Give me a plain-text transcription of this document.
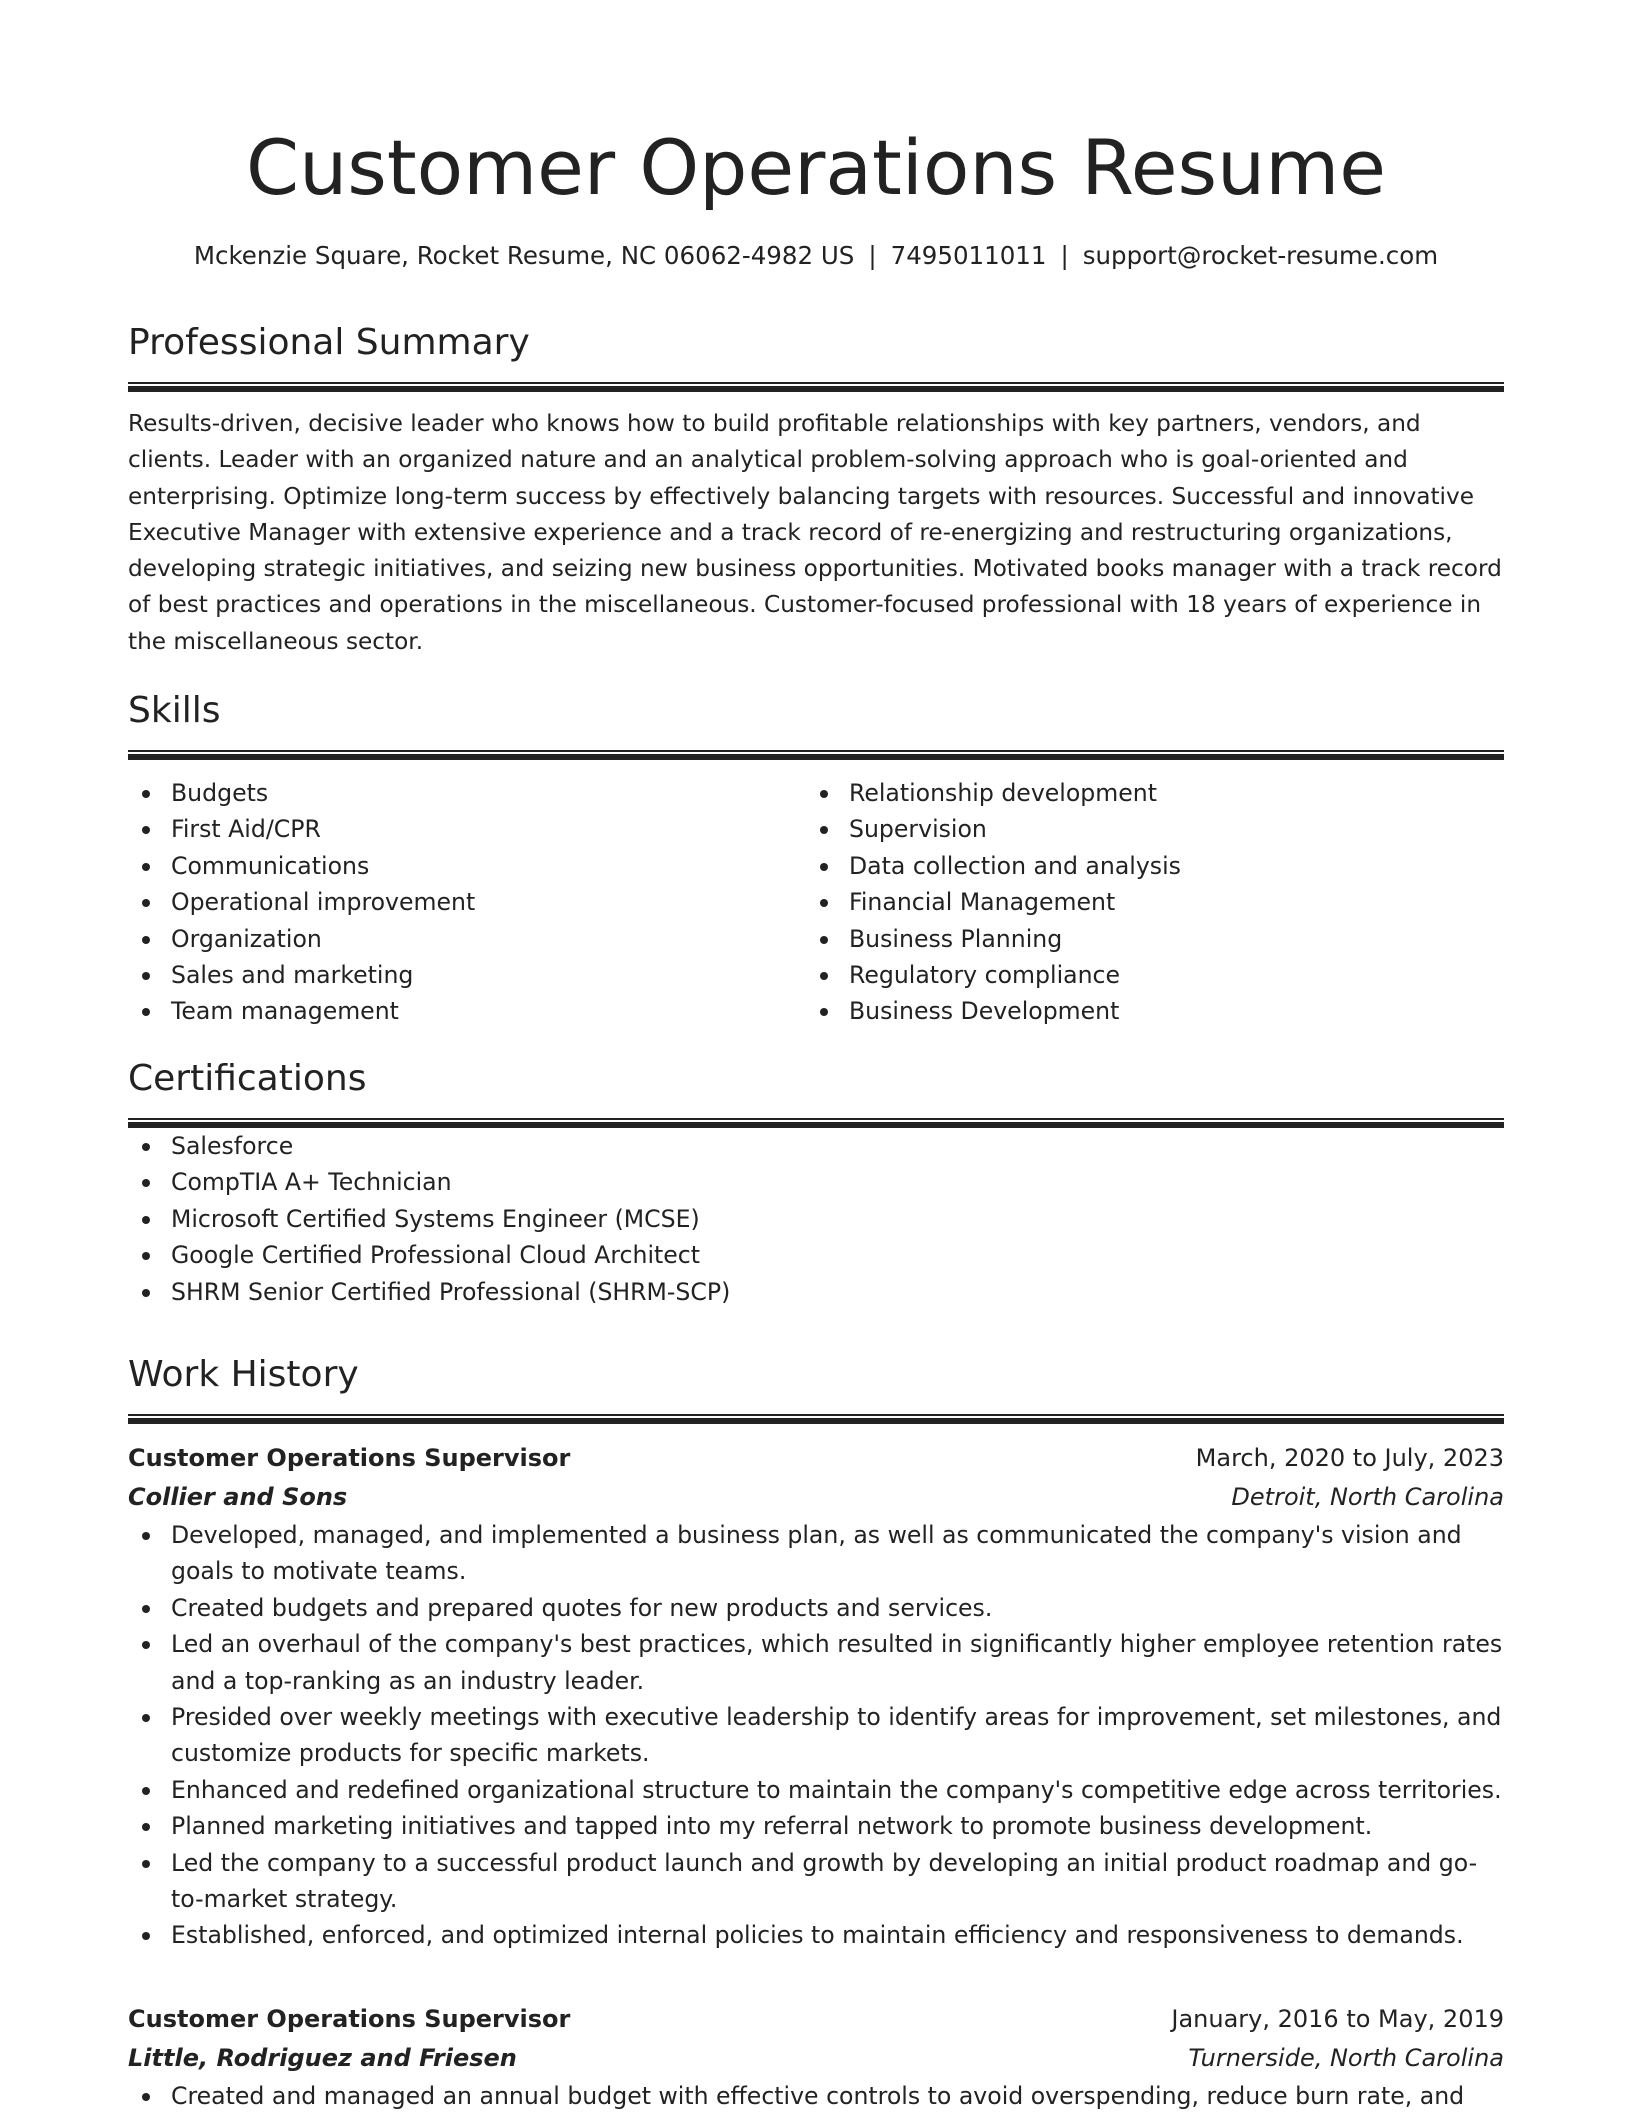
Customer Operations Resume
Mckenzie Square, Rocket Resume, NC 06062-4982 US | 7495011011 | support@rocket-resume.com
Professional Summary

Results-driven, decisive leader who knows how to build profitable relationships with key partners, vendors, and clients. Leader with an organized nature and an analytical problem-solving approach who is goal-oriented and enterprising. Optimize long-term success by effectively balancing targets with resources. Successful and innovative Executive Manager with extensive experience and a track record of re-energizing and restructuring organizations, developing strategic initiatives, and seizing new business opportunities. Motivated books manager with a track record of best practices and operations in the miscellaneous. Customer-focused professional with 18 years of experience in the miscellaneous sector.

Skills
Budgets
First Aid/CPR
Communications
Operational improvement
Organization
Sales and marketing
Team management
Relationship development
Supervision
Data collection and analysis
Financial Management
Business Planning
Regulatory compliance
Business Development
Certifications
Salesforce
CompTIA A+ Technician
Microsoft Certified Systems Engineer (MCSE)
Google Certified Professional Cloud Architect
SHRM Senior Certified Professional (SHRM-SCP)
Work History
Customer Operations Supervisor	March, 2020 to July, 2023
Collier and Sons	Detroit, North Carolina
Developed, managed, and implemented a business plan, as well as communicated the company's vision and goals to motivate teams.
Created budgets and prepared quotes for new products and services.
Led an overhaul of the company's best practices, which resulted in significantly higher employee retention rates and a top-ranking as an industry leader.
Presided over weekly meetings with executive leadership to identify areas for improvement, set milestones, and customize products for specific markets.
Enhanced and redefined organizational structure to maintain the company's competitive edge across territories.
Planned marketing initiatives and tapped into my referral network to promote business development.
Led the company to a successful product launch and growth by developing an initial product roadmap and go-to-market strategy.
Established, enforced, and optimized internal policies to maintain efficiency and responsiveness to demands.
Customer Operations Supervisor	January, 2016 to May, 2019
Little, Rodriguez and Friesen	Turnerside, North Carolina
Created and managed an annual budget with effective controls to avoid overspending, reduce burn rate, and
